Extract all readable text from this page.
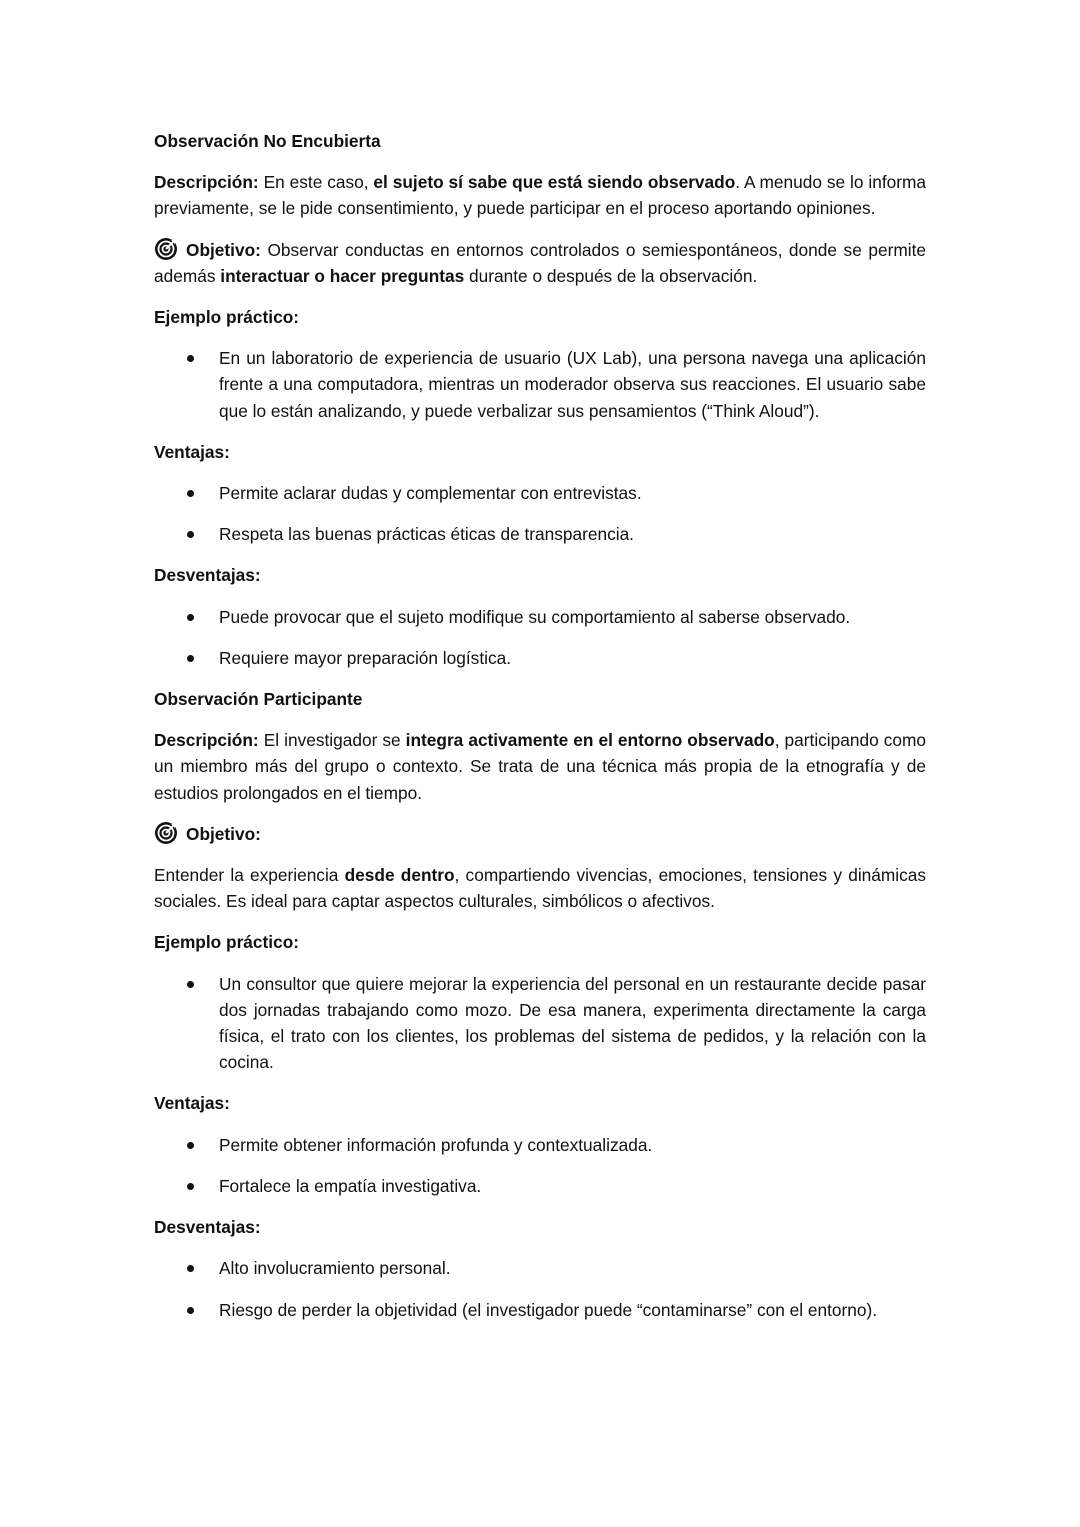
Observación No Encubierta
Descripción: En este caso, el sujeto sí sabe que está siendo observado. A menudo se lo informa previamente, se le pide consentimiento, y puede participar en el proceso aportando opiniones.
Objetivo: Observar conductas en entornos controlados o semiespontáneos, donde se permite además interactuar o hacer preguntas durante o después de la observación.
Ejemplo práctico:
En un laboratorio de experiencia de usuario (UX Lab), una persona navega una aplicación frente a una computadora, mientras un moderador observa sus reacciones. El usuario sabe que lo están analizando, y puede verbalizar sus pensamientos (“Think Aloud”).
Ventajas:
Permite aclarar dudas y complementar con entrevistas.
Respeta las buenas prácticas éticas de transparencia.
Desventajas:
Puede provocar que el sujeto modifique su comportamiento al saberse observado.
Requiere mayor preparación logística.
Observación Participante
Descripción: El investigador se integra activamente en el entorno observado, participando como un miembro más del grupo o contexto. Se trata de una técnica más propia de la etnografía y de estudios prolongados en el tiempo.
Objetivo:
Entender la experiencia desde dentro, compartiendo vivencias, emociones, tensiones y dinámicas sociales. Es ideal para captar aspectos culturales, simbólicos o afectivos.
Ejemplo práctico:
Un consultor que quiere mejorar la experiencia del personal en un restaurante decide pasar dos jornadas trabajando como mozo. De esa manera, experimenta directamente la carga física, el trato con los clientes, los problemas del sistema de pedidos, y la relación con la cocina.
Ventajas:
Permite obtener información profunda y contextualizada.
Fortalece la empatía investigativa.
Desventajas:
Alto involucramiento personal.
Riesgo de perder la objetividad (el investigador puede “contaminarse” con el entorno).
